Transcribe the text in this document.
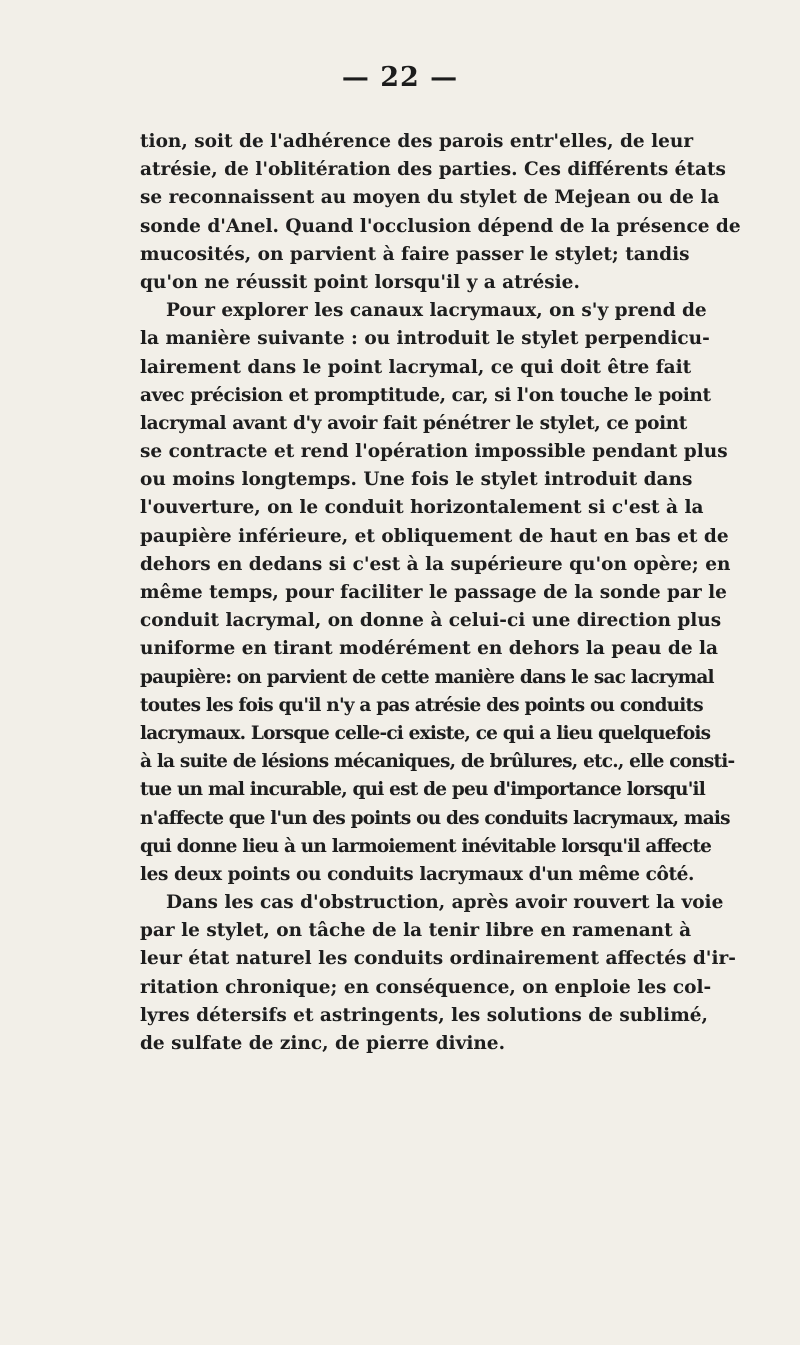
— 22 —
tion, soit de l'adhérence des parois entr'elles, de leur
atrésie, de l'oblitération des parties. Ces différents états
se reconnaissent au moyen du stylet de Mejean ou de la
sonde d'Anel. Quand l'occlusion dépend de la présence de
mucosités, on parvient à faire passer le stylet; tandis
qu'on ne réussit point lorsqu'il y a atrésie.
Pour explorer les canaux lacrymaux, on s'y prend de
la manière suivante : ou introduit le stylet perpendicu-
lairement dans le point lacrymal, ce qui doit être fait
avec précision et promptitude, car, si l'on touche le point
lacrymal avant d'y avoir fait pénétrer le stylet, ce point
se contracte et rend l'opération impossible pendant plus
ou moins longtemps. Une fois le stylet introduit dans
l'ouverture, on le conduit horizontalement si c'est à la
paupière inférieure, et obliquement de haut en bas et de
dehors en dedans si c'est à la supérieure qu'on opère; en
même temps, pour faciliter le passage de la sonde par le
conduit lacrymal, on donne à celui-ci une direction plus
uniforme en tirant modérément en dehors la peau de la
paupière: on parvient de cette manière dans le sac lacrymal
toutes les fois qu'il n'y a pas atrésie des points ou conduits
lacrymaux. Lorsque celle-ci existe, ce qui a lieu quelquefois
à la suite de lésions mécaniques, de brûlures, etc., elle consti-
tue un mal incurable, qui est de peu d'importance lorsqu'il
n'affecte que l'un des points ou des conduits lacrymaux, mais
qui donne lieu à un larmoiement inévitable lorsqu'il affecte
les deux points ou conduits lacrymaux d'un même côté.
Dans les cas d'obstruction, après avoir rouvert la voie
par le stylet, on tâche de la tenir libre en ramenant à
leur état naturel les conduits ordinairement affectés d'ir-
ritation chronique; en conséquence, on enploie les col-
lyres détersifs et astringents, les solutions de sublimé,
de sulfate de zinc, de pierre divine.
